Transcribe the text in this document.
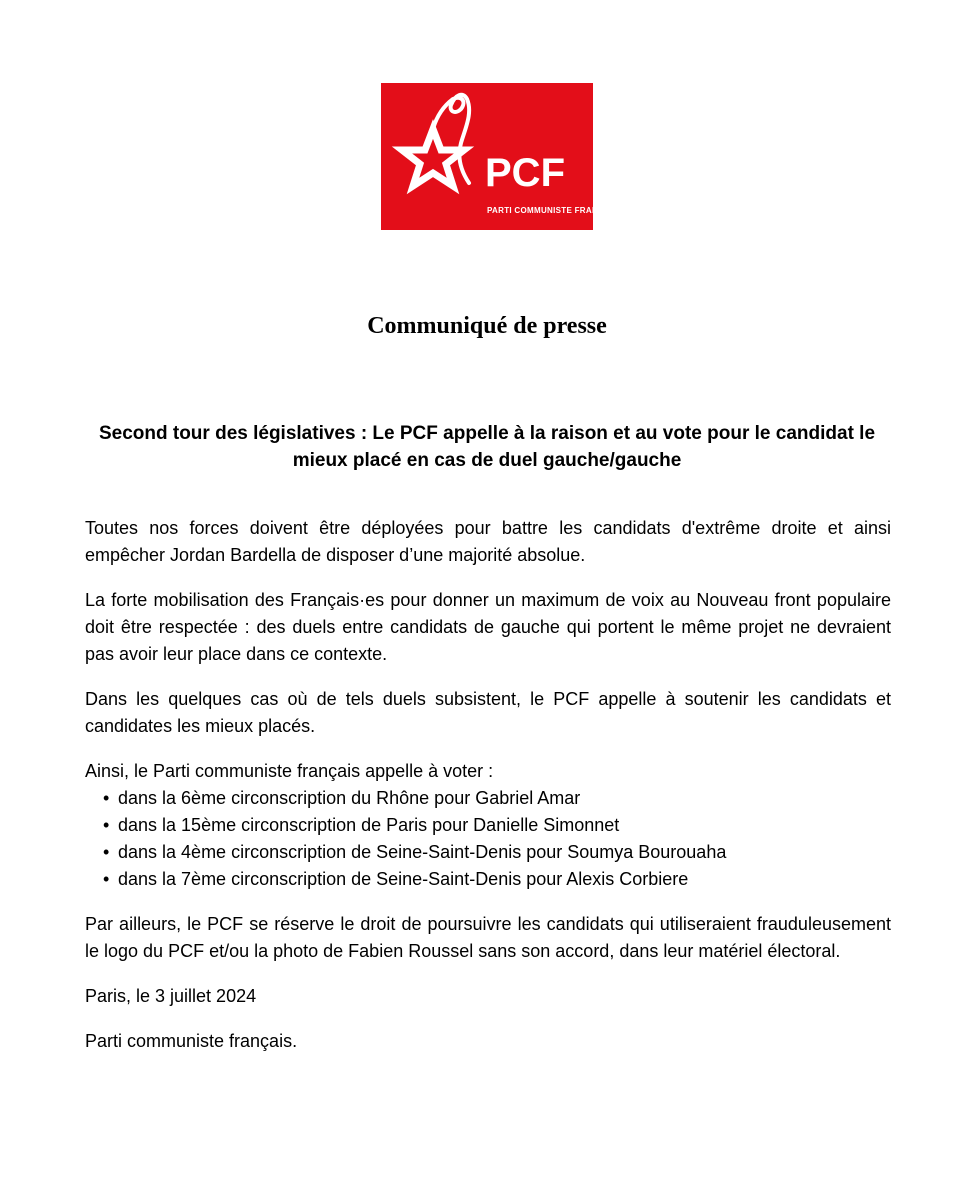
PCF
PARTI COMMUNISTE FRANÇAIS
Communiqué de presse
Second tour des législatives : Le PCF appelle à la raison et au vote pour le candidat le mieux placé en cas de duel gauche/gauche

Toutes nos forces doivent être déployées pour battre les candidats d'extrême droite et ainsi empêcher Jordan Bardella de disposer d’une majorité absolue.

La forte mobilisation des Français·es pour donner un maximum de voix au Nouveau front populaire doit être respectée : des duels entre candidats de gauche qui portent le même projet ne devraient pas avoir leur place dans ce contexte.

Dans les quelques cas où de tels duels subsistent, le PCF appelle à soutenir les candidats et candidates les mieux placés.

Ainsi, le Parti communiste français appelle à voter :

• dans la 6ème circonscription du Rhône pour Gabriel Amar
• dans la 15ème circonscription de Paris pour Danielle Simonnet
• dans la 4ème circonscription de Seine-Saint-Denis pour Soumya Bourouaha
• dans la 7ème circonscription de Seine-Saint-Denis pour Alexis Corbiere

Par ailleurs, le PCF se réserve le droit de poursuivre les candidats qui utiliseraient frauduleusement le logo du PCF et/ou la photo de Fabien Roussel sans son accord, dans leur matériel électoral.

Paris, le 3 juillet 2024

Parti communiste français.
